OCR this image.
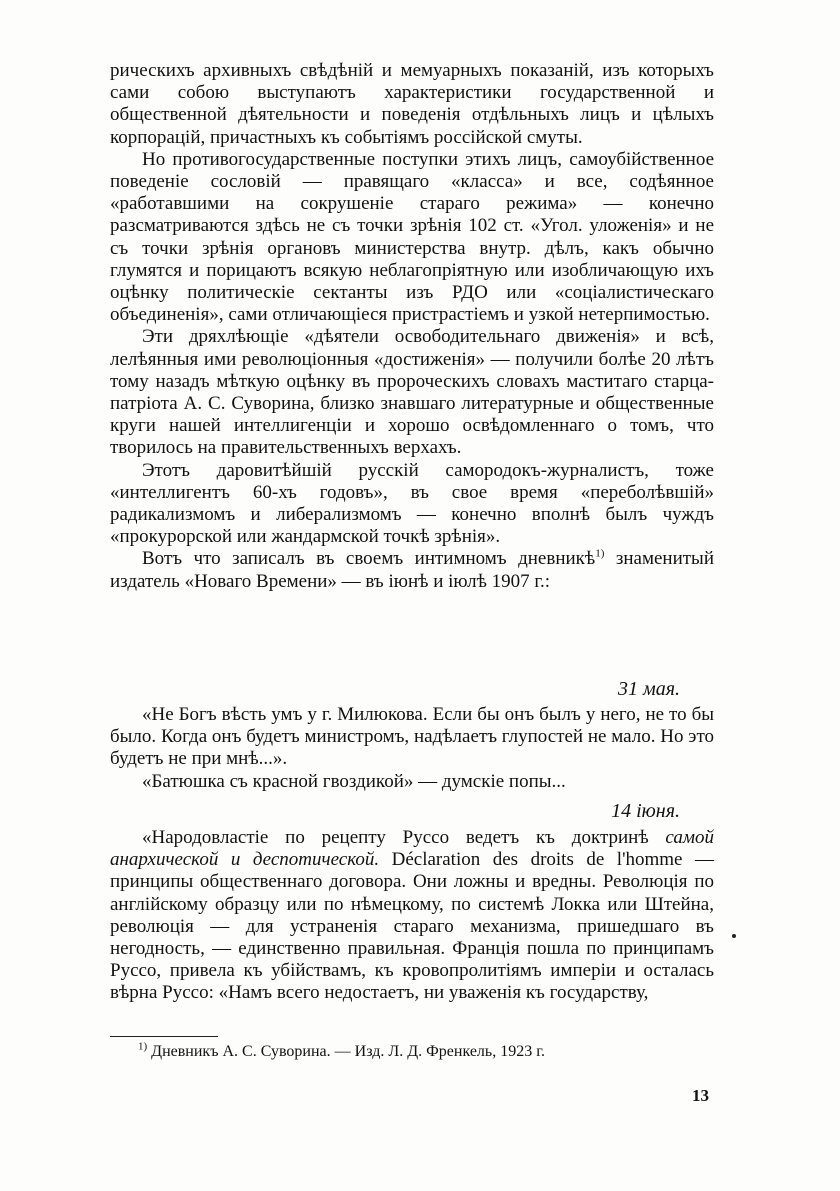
рическихъ архивныхъ свѣдѣній и мемуарныхъ показаній, изъ которыхъ сами собою выступаютъ характеристики государственной и общественной дѣятельности и поведенія отдѣльныхъ лицъ и цѣлыхъ корпорацій, причастныхъ къ событіямъ россійской смуты.

Но противогосударственные поступки этихъ лицъ, самоубійственное поведеніе сословій — правящаго «класса» и все, содѣянное «работавшими на сокрушеніе стараго режима» — конечно разсматриваются здѣсь не съ точки зрѣнія 102 ст. «Угол. уложенія» и не съ точки зрѣнія органовъ министерства внутр. дѣлъ, какъ обычно глумятся и порицаютъ всякую неблагопріятную или изобличающую ихъ оцѣнку политическіе сектанты изъ РДО или «соціалистическаго объединенія», сами отличающіеся пристрастіемъ и узкой нетерпимостью.

Эти дряхлѣющіе «дѣятели освободительнаго движенія» и всѣ, лелѣянныя ими революціонныя «достиженія» — получили болѣе 20 лѣтъ тому назадъ мѣткую оцѣнку въ пророческихъ словахъ маститаго старца-патріота А. С. Суворина, близко знавшаго литературные и общественные круги нашей интеллигенціи и хорошо освѣдомленнаго о томъ, что творилось на правительственныхъ верхахъ.

Этотъ даровитѣйшій русскій самородокъ-журналистъ, тоже «интеллигентъ 60-хъ годовъ», въ свое время «переболѣвшій» радикализмомъ и либерализмомъ — конечно вполнѣ былъ чуждъ «прокурорской или жандармской точкѣ зрѣнія».

Вотъ что записалъ въ своемъ интимномъ дневникѣ$^{1)}$ знаменитый издатель «Новаго Времени» — въ іюнѣ и іюлѣ 1907 г.:

31 мая.

«Не Богъ вѣсть умъ у г. Милюкова. Если бы онъ былъ у него, не то бы было. Когда онъ будетъ министромъ, надѣлаетъ глупостей не мало. Но это будетъ не при мнѣ...».

«Батюшка съ красной гвоздикой» — думскіе попы...

14 іюня.

«Народовластіе по рецепту Руссо ведетъ къ доктринѣ самой анархической и деспотической. Déclaration des droits de l'homme — принципы общественнаго договора. Они ложны и вредны. Революція по англійскому образцу или по нѣмецкому, по системѣ Локка или Штейна, революція — для устраненія стараго механизма, пришедшаго въ негодность, — единственно правильная. Франція пошла по принципамъ Руссо, привела къ убійствамъ, къ кровопролитіямъ имперіи и осталась вѣрна Руссо: «Намъ всего недостаетъ, ни уваженія къ государству,

$^{1)}$ Дневникъ А. С. Суворина. — Изд. Л. Д. Френкель, 1923 г.
13
